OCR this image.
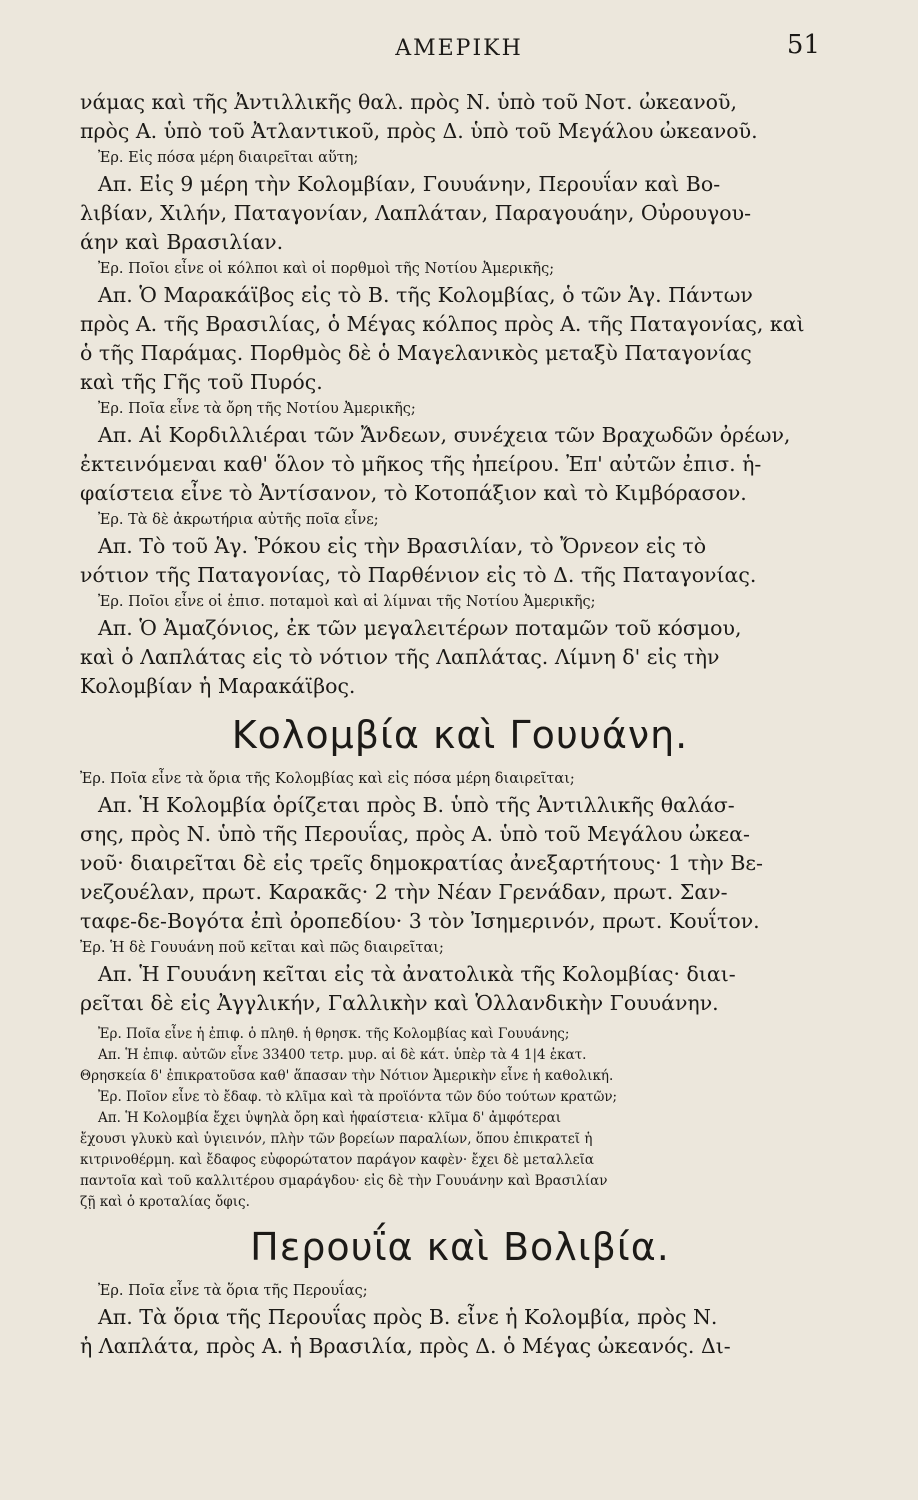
ΑΜΕΡΙΚΗ	51
νάμας καὶ τῆς Ἀντιλλικῆς θαλ. πρὸς Ν. ὑπὸ τοῦ Νοτ. ὠκεανοῦ,
πρὸς Α. ὑπὸ τοῦ Ἀτλαντικοῦ, πρὸς Δ. ὑπὸ τοῦ Μεγάλου ὠκεανοῦ.
Ἐρ. Εἰς πόσα μέρη διαιρεῖται αὕτη;
Απ. Εἰς 9 μέρη τὴν Κολομβίαν, Γουυάνην, Περουΐαν καὶ Βο-
λιβίαν, Χιλήν, Παταγονίαν, Λαπλάταν, Παραγουάην, Οὐρουγου-
άην καὶ Βρασιλίαν.
Ἐρ. Ποῖοι εἶνε οἱ κόλποι καὶ οἱ πορθμοὶ τῆς Νοτίου Ἀμερικῆς;
Απ. Ὁ Μαρακάϊβος εἰς τὸ Β. τῆς Κολομβίας, ὁ τῶν Ἁγ. Πάντων
πρὸς Α. τῆς Βρασιλίας, ὁ Μέγας κόλπος πρὸς Α. τῆς Παταγονίας, καὶ
ὁ τῆς Παράμας. Πορθμὸς δὲ ὁ Μαγελανικὸς μεταξὺ Παταγονίας
καὶ τῆς Γῆς τοῦ Πυρός.
Ἐρ. Ποῖα εἶνε τὰ ὄρη τῆς Νοτίου Ἀμερικῆς;
Απ. Αἱ Κορδιλλιέραι τῶν Ἄνδεων, συνέχεια τῶν Βραχωδῶν ὀρέων,
ἐκτεινόμεναι καθ' ὅλον τὸ μῆκος τῆς ἠπείρου. Ἐπ' αὐτῶν ἐπισ. ἡ-
φαίστεια εἶνε τὸ Ἀντίσανον, τὸ Κοτοπάξιον καὶ τὸ Κιμβόρασον.
Ἐρ. Τὰ δὲ ἀκρωτήρια αὐτῆς ποῖα εἶνε;
Απ. Τὸ τοῦ Ἁγ. Ῥόκου εἰς τὴν Βρασιλίαν, τὸ Ὄρνεον εἰς τὸ
νότιον τῆς Παταγονίας, τὸ Παρθένιον εἰς τὸ Δ. τῆς Παταγονίας.
Ἐρ. Ποῖοι εἶνε οἱ ἐπισ. ποταμοὶ καὶ αἱ λίμναι τῆς Νοτίου Ἀμερικῆς;
Απ. Ὁ Ἀμαζόνιος, ἐκ τῶν μεγαλειτέρων ποταμῶν τοῦ κόσμου,
καὶ ὁ Λαπλάτας εἰς τὸ νότιον τῆς Λαπλάτας. Λίμνη δ' εἰς τὴν
Κολομβίαν ἡ Μαρακάϊβος.
Κολομβία καὶ Γουυάνη.
Ἐρ. Ποῖα εἶνε τὰ ὅρια τῆς Κολομβίας καὶ εἰς πόσα μέρη διαιρεῖται;
Απ. Ἡ Κολομβία ὁρίζεται πρὸς Β. ὑπὸ τῆς Ἀντιλλικῆς θαλάσ-
σης, πρὸς Ν. ὑπὸ τῆς Περουΐας, πρὸς Α. ὑπὸ τοῦ Μεγάλου ὠκεα-
νοῦ· διαιρεῖται δὲ εἰς τρεῖς δημοκρατίας ἀνεξαρτήτους· 1 τὴν Βε-
νεζουέλαν, πρωτ. Καρακᾶς· 2 τὴν Νέαν Γρενάδαν, πρωτ. Σαν-
ταφε-δε-Βογότα ἐπὶ ὀροπεδίου· 3 τὸν Ἰσημερινόν, πρωτ. Κουΐτον.
Ἐρ. Ἡ δὲ Γουυάνη ποῦ κεῖται καὶ πῶς διαιρεῖται;
Απ. Ἡ Γουυάνη κεῖται εἰς τὰ ἀνατολικὰ τῆς Κολομβίας· διαι-
ρεῖται δὲ εἰς Ἀγγλικήν, Γαλλικὴν καὶ Ὁλλανδικὴν Γουυάνην.
Ἐρ. Ποῖα εἶνε ἡ ἐπιφ. ὁ πληθ. ἡ θρησκ. τῆς Κολομβίας καὶ Γουυάνης;
Απ. Ἡ ἐπιφ. αὐτῶν εἶνε 33400 τετρ. μυρ. αἱ δὲ κάτ. ὑπὲρ τὰ 4 1|4 ἑκατ.
Θρησκεία δ' ἐπικρατοῦσα καθ' ἅπασαν τὴν Νότιον Ἀμερικὴν εἶνε ἡ καθολική.
Ἐρ. Ποῖον εἶνε τὸ ἔδαφ. τὸ κλῖμα καὶ τὰ προϊόντα τῶν δύο τούτων κρατῶν;
Απ. Ἡ Κολομβία ἔχει ὑψηλὰ ὄρη καὶ ἡφαίστεια· κλῖμα δ' ἀμφότεραι
ἔχουσι γλυκὺ καὶ ὑγιεινόν, πλὴν τῶν βορείων παραλίων, ὅπου ἐπικρατεῖ ἡ
κιτρινοθέρμη. καὶ ἔδαφος εὐφορώτατον παράγον καφὲν· ἔχει δὲ μεταλλεῖα
παντοῖα καὶ τοῦ καλλιτέρου σμαράγδου· εἰς δὲ τὴν Γουυάνην καὶ Βρασιλίαν
ζῇ καὶ ὁ κροταλίας ὄφις.
Περουΐα καὶ Βολιβία.
Ἐρ. Ποῖα εἶνε τὰ ὅρια τῆς Περουΐας;
Απ. Τὰ ὅρια τῆς Περουΐας πρὸς Β. εἶνε ἡ Κολομβία, πρὸς Ν.
ἡ Λαπλάτα, πρὸς Α. ἡ Βρασιλία, πρὸς Δ. ὁ Μέγας ὠκεανός. Δι-
